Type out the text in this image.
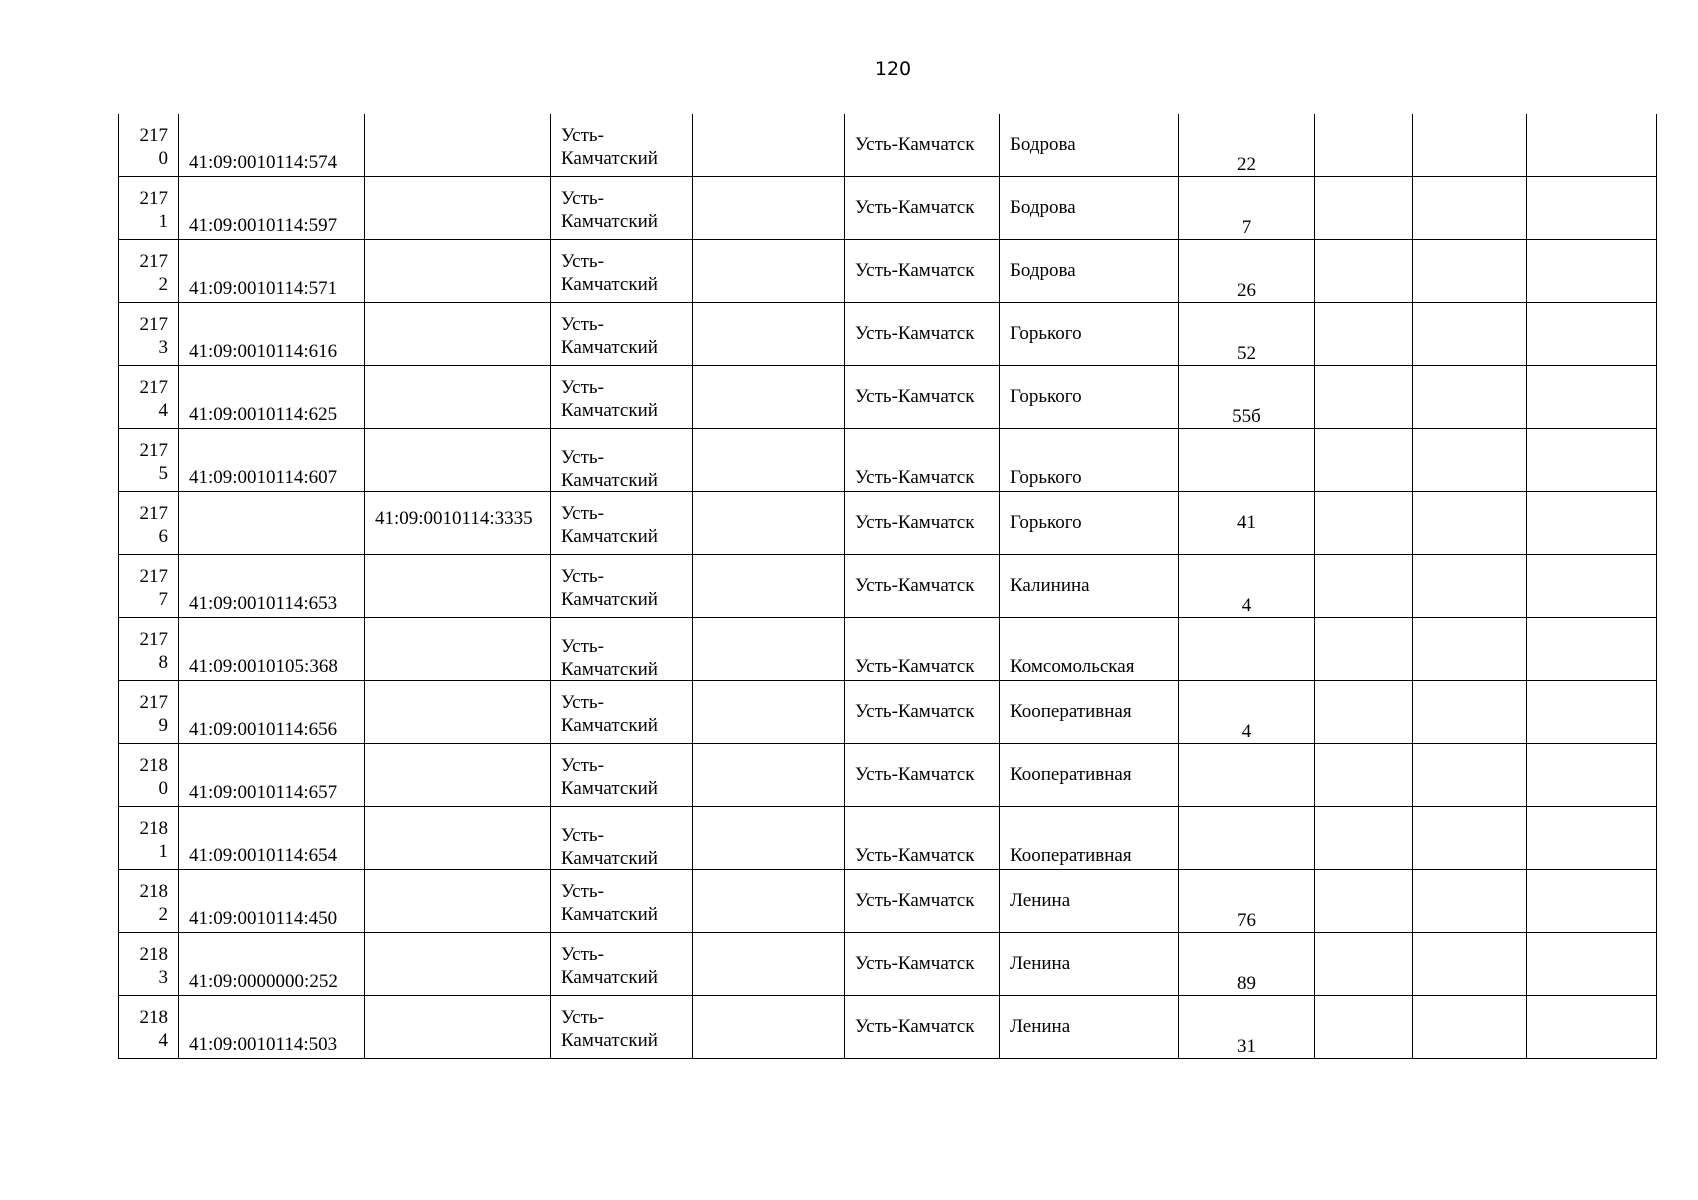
120
2170	41:09:0010114:574		Усть-
Камчатский		Усть-Камчатск	Бодрова	22			

2171	41:09:0010114:597		Усть-
Камчатский		Усть-Камчатск	Бодрова	7			

2172	41:09:0010114:571		Усть-
Камчатский		Усть-Камчатск	Бодрова	26			

2173	41:09:0010114:616		Усть-
Камчатский		Усть-Камчатск	Горького	52			

2174	41:09:0010114:625		Усть-
Камчатский		Усть-Камчатск	Горького	55б			

2175	41:09:0010114:607		Усть-
Камчатский		Усть-Камчатск	Горького				

2176		41:09:0010114:3335	Усть-
Камчатский		Усть-Камчатск	Горького	41			

2177	41:09:0010114:653		Усть-
Камчатский		Усть-Камчатск	Калинина	4			

2178	41:09:0010105:368		Усть-
Камчатский		Усть-Камчатск	Комсомольская				

2179	41:09:0010114:656		Усть-
Камчатский		Усть-Камчатск	Кооперативная	4			

2180	41:09:0010114:657		Усть-
Камчатский		Усть-Камчатск	Кооперативная				

2181	41:09:0010114:654		Усть-
Камчатский		Усть-Камчатск	Кооперативная				

2182	41:09:0010114:450		Усть-
Камчатский		Усть-Камчатск	Ленина	76			

2183	41:09:0000000:252		Усть-
Камчатский		Усть-Камчатск	Ленина	89			

2184	41:09:0010114:503		Усть-
Камчатский		Усть-Камчатск	Ленина	31			
